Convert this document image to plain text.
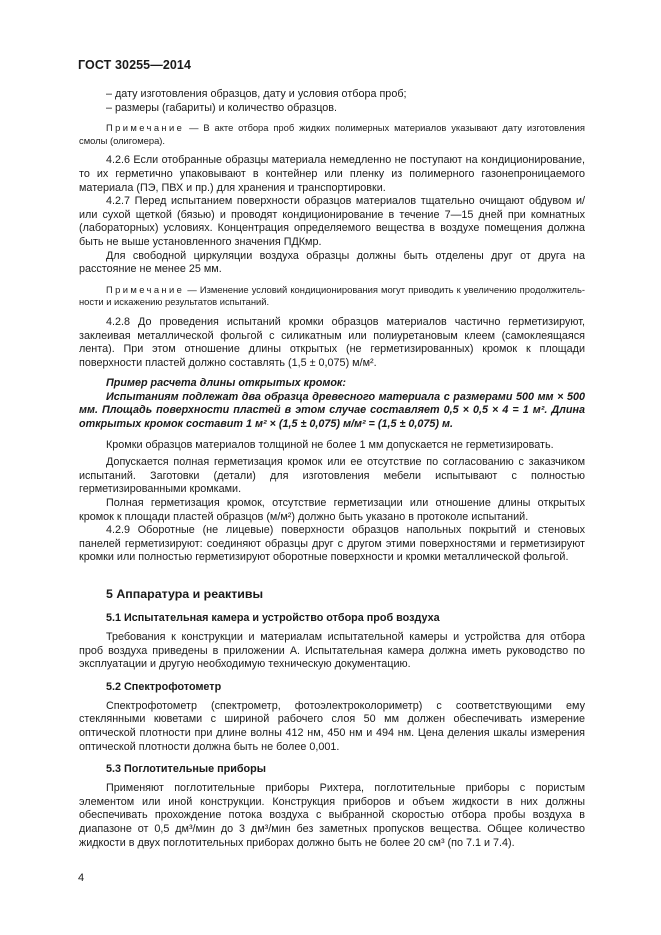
ГОСТ 30255—2014

– дату изготовления образцов, дату и условия отбора проб;

– размеры (габариты) и количество образцов.

Примечание — В акте отбора проб жидких полимерных материалов указывают дату изготовления смолы (олигомера).

4.2.6 Если отобранные образцы материала немедленно не поступают на кондиционирование, то их герметично упаковывают в контейнер или пленку из полимерного газонепроницаемого материала (ПЭ, ПВХ и пр.) для хранения и транспортировки.

4.2.7 Перед испытанием поверхности образцов материалов тщательно очищают обдувом и/или сухой щеткой (бязью) и проводят кондиционирование в течение 7—15 дней при комнатных (лабораторных) условиях. Концентрация определяемого вещества в воздухе помещения должна быть не выше установленного значения ПДКмр.

Для свободной циркуляции воздуха образцы должны быть отделены друг от друга на расстояние не менее 25 мм.

Примечание — Изменение условий кондиционирования могут приводить к увеличению продолжительности и искажению результатов испытаний.

4.2.8 До проведения испытаний кромки образцов материалов частично герметизируют, заклеивая металлической фольгой с силикатным или полиуретановым клеем (самоклеящаяся лента). При этом отношение длины открытых (не герметизированных) кромок к площади поверхности пластей должно составлять (1,5 ± 0,075) м/м².

Пример расчета длины открытых кромок:

Испытаниям подлежат два образца древесного материала с размерами 500 мм × 500 мм. Площадь поверхности пластей в этом случае составляет 0,5 × 0,5 × 4 = 1 м². Длина открытых кромок составит 1 м² × (1,5 ± 0,075) м/м² = (1,5 ± 0,075) м.

Кромки образцов материалов толщиной не более 1 мм допускается не герметизировать.

Допускается полная герметизация кромок или ее отсутствие по согласованию с заказчиком испытаний. Заготовки (детали) для изготовления мебели испытывают с полностью герметизированными кромками.

Полная герметизация кромок, отсутствие герметизации или отношение длины открытых кромок к площади пластей образцов (м/м²) должно быть указано в протоколе испытаний.

4.2.9 Оборотные (не лицевые) поверхности образцов напольных покрытий и стеновых панелей герметизируют: соединяют образцы друг с другом этими поверхностями и герметизируют кромки или полностью герметизируют оборотные поверхности и кромки металлической фольгой.

5 Аппаратура и реактивы
5.1 Испытательная камера и устройство отбора проб воздуха

Требования к конструкции и материалам испытательной камеры и устройства для отбора проб воздуха приведены в приложении А. Испытательная камера должна иметь руководство по эксплуатации и другую необходимую техническую документацию.

5.2 Спектрофотометр

Спектрофотометр (спектрометр, фотоэлектроколориметр) с соответствующими ему стеклянными кюветами с шириной рабочего слоя 50 мм должен обеспечивать измерение оптической плотности при длине волны 412 нм, 450 нм и 494 нм. Цена деления шкалы измерения оптической плотности должна быть не более 0,001.

5.3 Поглотительные приборы

Применяют поглотительные приборы Рихтера, поглотительные приборы с пористым элементом или иной конструкции. Конструкция приборов и объем жидкости в них должны обеспечивать прохождение потока воздуха с выбранной скоростью отбора пробы воздуха в диапазоне от 0,5 дм³/мин до 3 дм³/мин без заметных пропусков вещества. Общее количество жидкости в двух поглотительных приборах должно быть не более 20 см³ (по 7.1 и 7.4).

4
